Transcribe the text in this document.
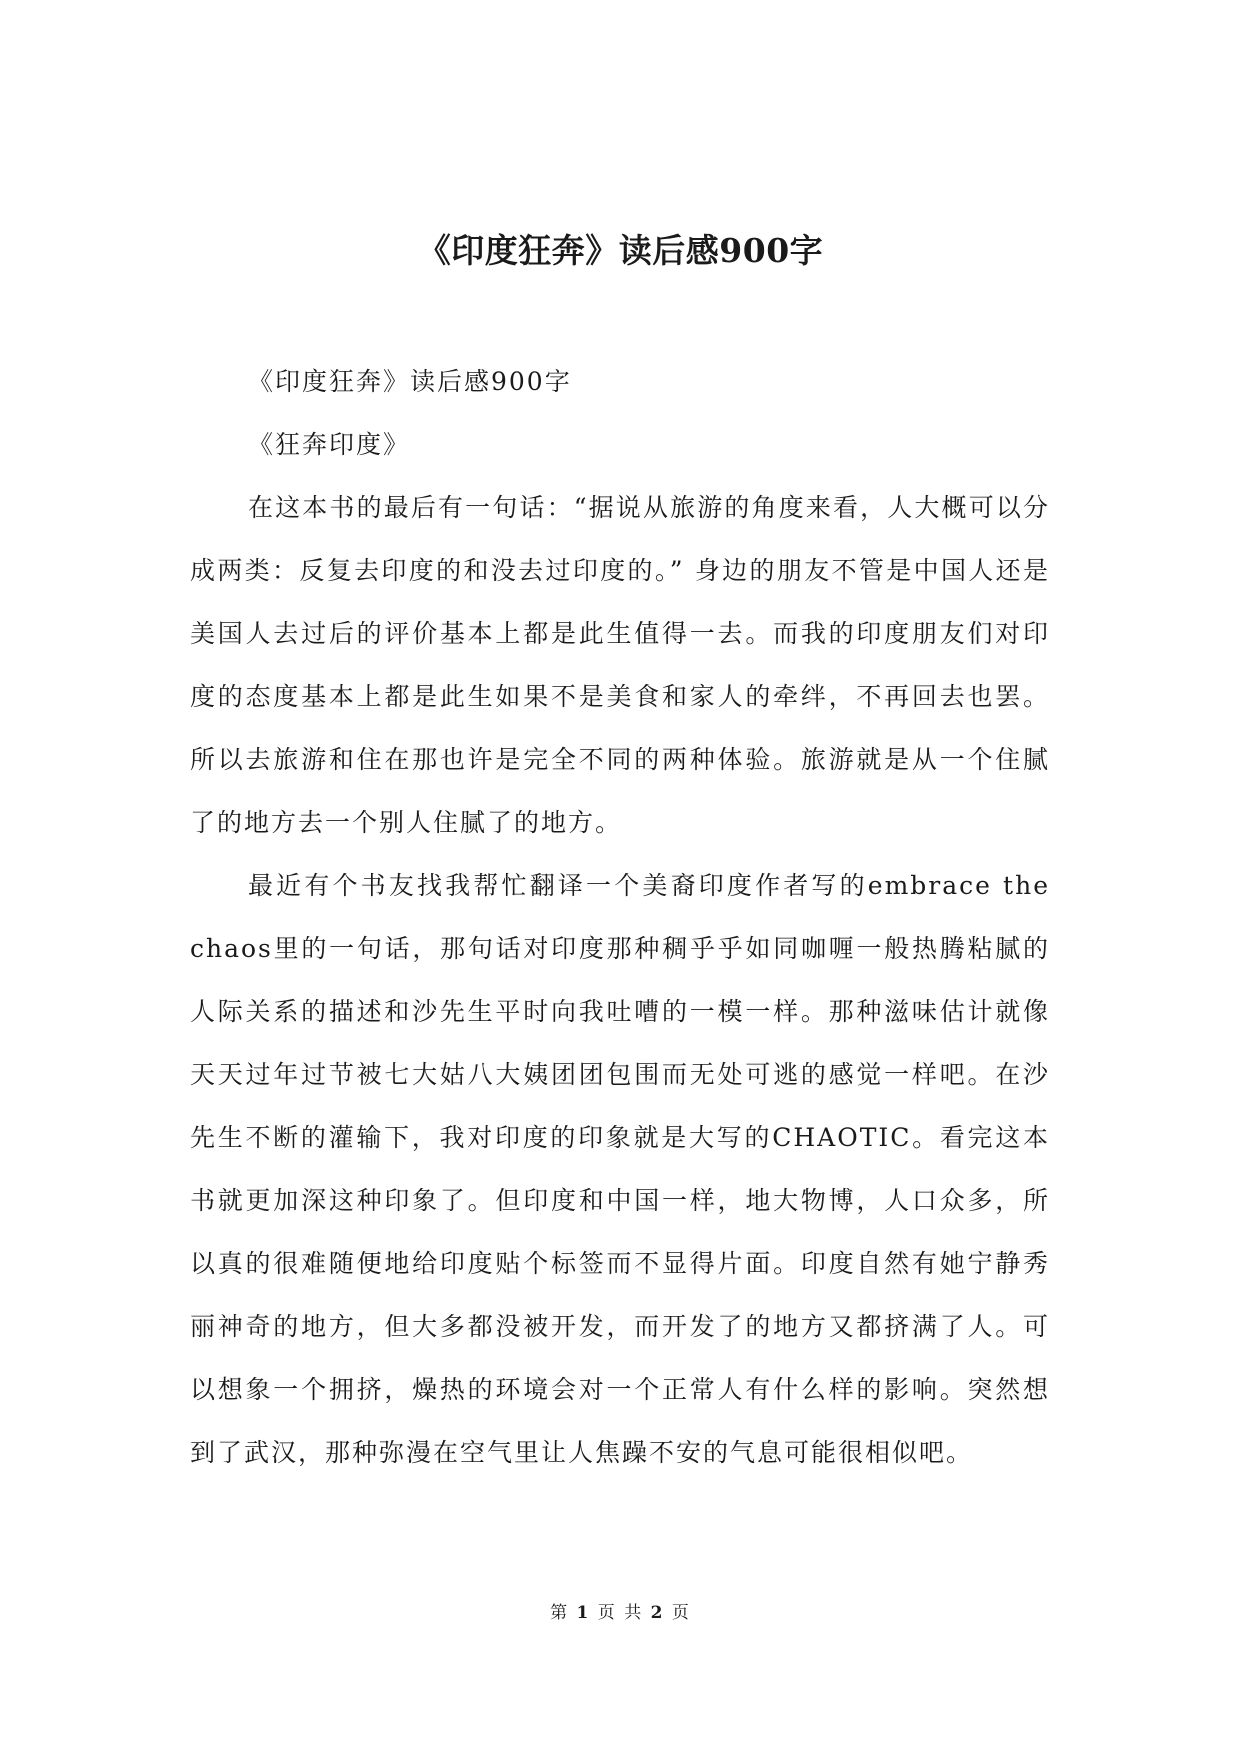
《印度狂奔》读后感900字

《印度狂奔》读后感900字

《狂奔印度》

在这本书的最后有一句话：“据说从旅游的角度来看，人大概可以分成两类：反复去印度的和没去过印度的。” 身边的朋友不管是中国人还是美国人去过后的评价基本上都是此生值得一去。而我的印度朋友们对印度的态度基本上都是此生如果不是美食和家人的牵绊，不再回去也罢。所以去旅游和住在那也许是完全不同的两种体验。旅游就是从一个住腻了的地方去一个别人住腻了的地方。

最近有个书友找我帮忙翻译一个美裔印度作者写的embrace the chaos里的一句话，那句话对印度那种稠乎乎如同咖喱一般热腾粘腻的人际关系的描述和沙先生平时向我吐嘈的一模一样。那种滋味估计就像天天过年过节被七大姑八大姨团团包围而无处可逃的感觉一样吧。在沙先生不断的灌输下，我对印度的印象就是大写的CHAOTIC。看完这本书就更加深这种印象了。但印度和中国一样，地大物博，人口众多，所以真的很难随便地给印度贴个标签而不显得片面。印度自然有她宁静秀丽神奇的地方，但大多都没被开发，而开发了的地方又都挤满了人。可以想象一个拥挤，燥热的环境会对一个正常人有什么样的影响。突然想到了武汉，那种弥漫在空气里让人焦躁不安的气息可能很相似吧。

第 1 页 共 2 页
